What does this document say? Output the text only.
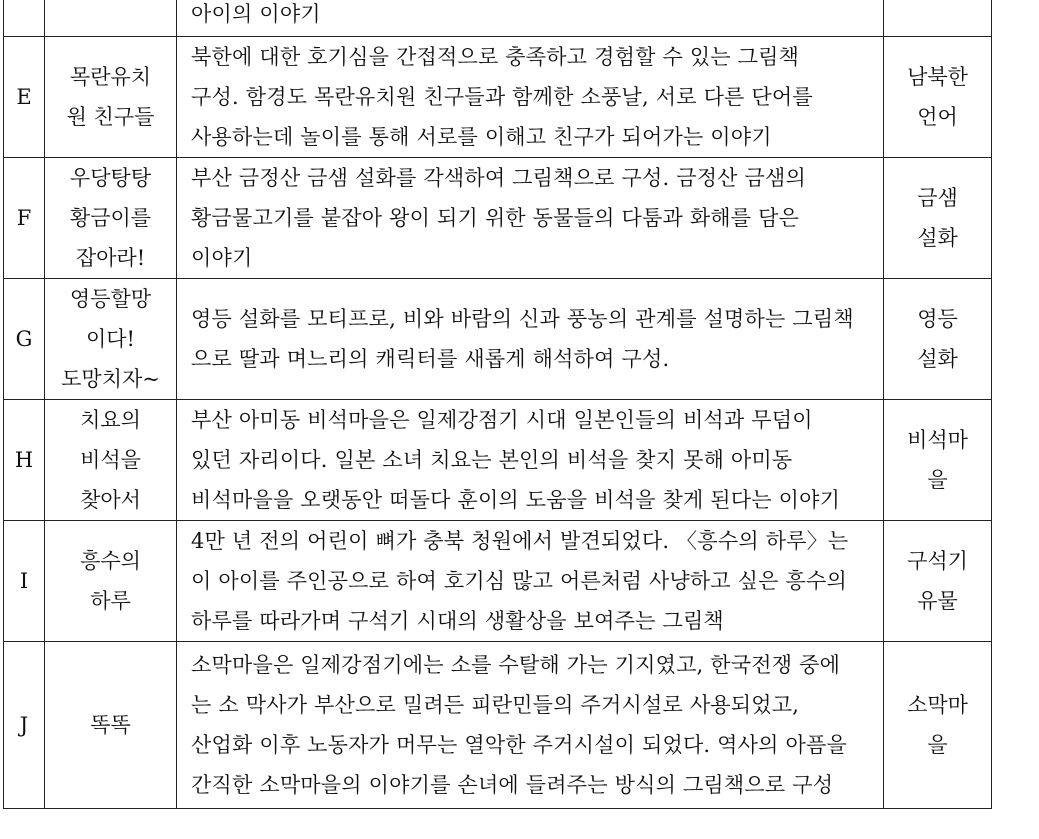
		아이의 이야기	

E	목란유치
원 친구들	북한에 대한 호기심을 간접적으로 충족하고 경험할 수 있는 그림책
구성. 함경도 목란유치원 친구들과 함께한 소풍날, 서로 다른 단어를
사용하는데 놀이를 통해 서로를 이해고 친구가 되어가는 이야기	남북한
언어

F	우당탕탕
황금이를
잡아라!	부산 금정산 금샘 설화를 각색하여 그림책으로 구성. 금정산 금샘의
황금물고기를 붙잡아 왕이 되기 위한 동물들의 다툼과 화해를 담은
이야기	금샘
설화

G	영등할망
이다!
도망치자~	영등 설화를 모티프로, 비와 바람의 신과 풍농의 관계를 설명하는 그림책
으로 딸과 며느리의 캐릭터를 새롭게 해석하여 구성.	영등
설화

H	치요의
비석을
찾아서	부산 아미동 비석마을은 일제강점기 시대 일본인들의 비석과 무덤이
있던 자리이다. 일본 소녀 치요는 본인의 비석을 찾지 못해 아미동
비석마을을 오랫동안 떠돌다 훈이의 도움을 비석을 찾게 된다는 이야기	비석마
을

I	흥수의
하루	4만 년 전의 어린이 뼈가 충북 청원에서 발견되었다. 〈흥수의 하루〉는
이 아이를 주인공으로 하여 호기심 많고 어른처럼 사냥하고 싶은 흥수의
하루를 따라가며 구석기 시대의 생활상을 보여주는 그림책	구석기
유물

J	똑똑	소막마을은 일제강점기에는 소를 수탈해 가는 기지였고, 한국전쟁 중에
는 소 막사가 부산으로 밀려든 피란민들의 주거시설로 사용되었고,
산업화 이후 노동자가 머무는 열악한 주거시설이 되었다. 역사의 아픔을
간직한 소막마을의 이야기를 손녀에 들려주는 방식의 그림책으로 구성	소막마
을
